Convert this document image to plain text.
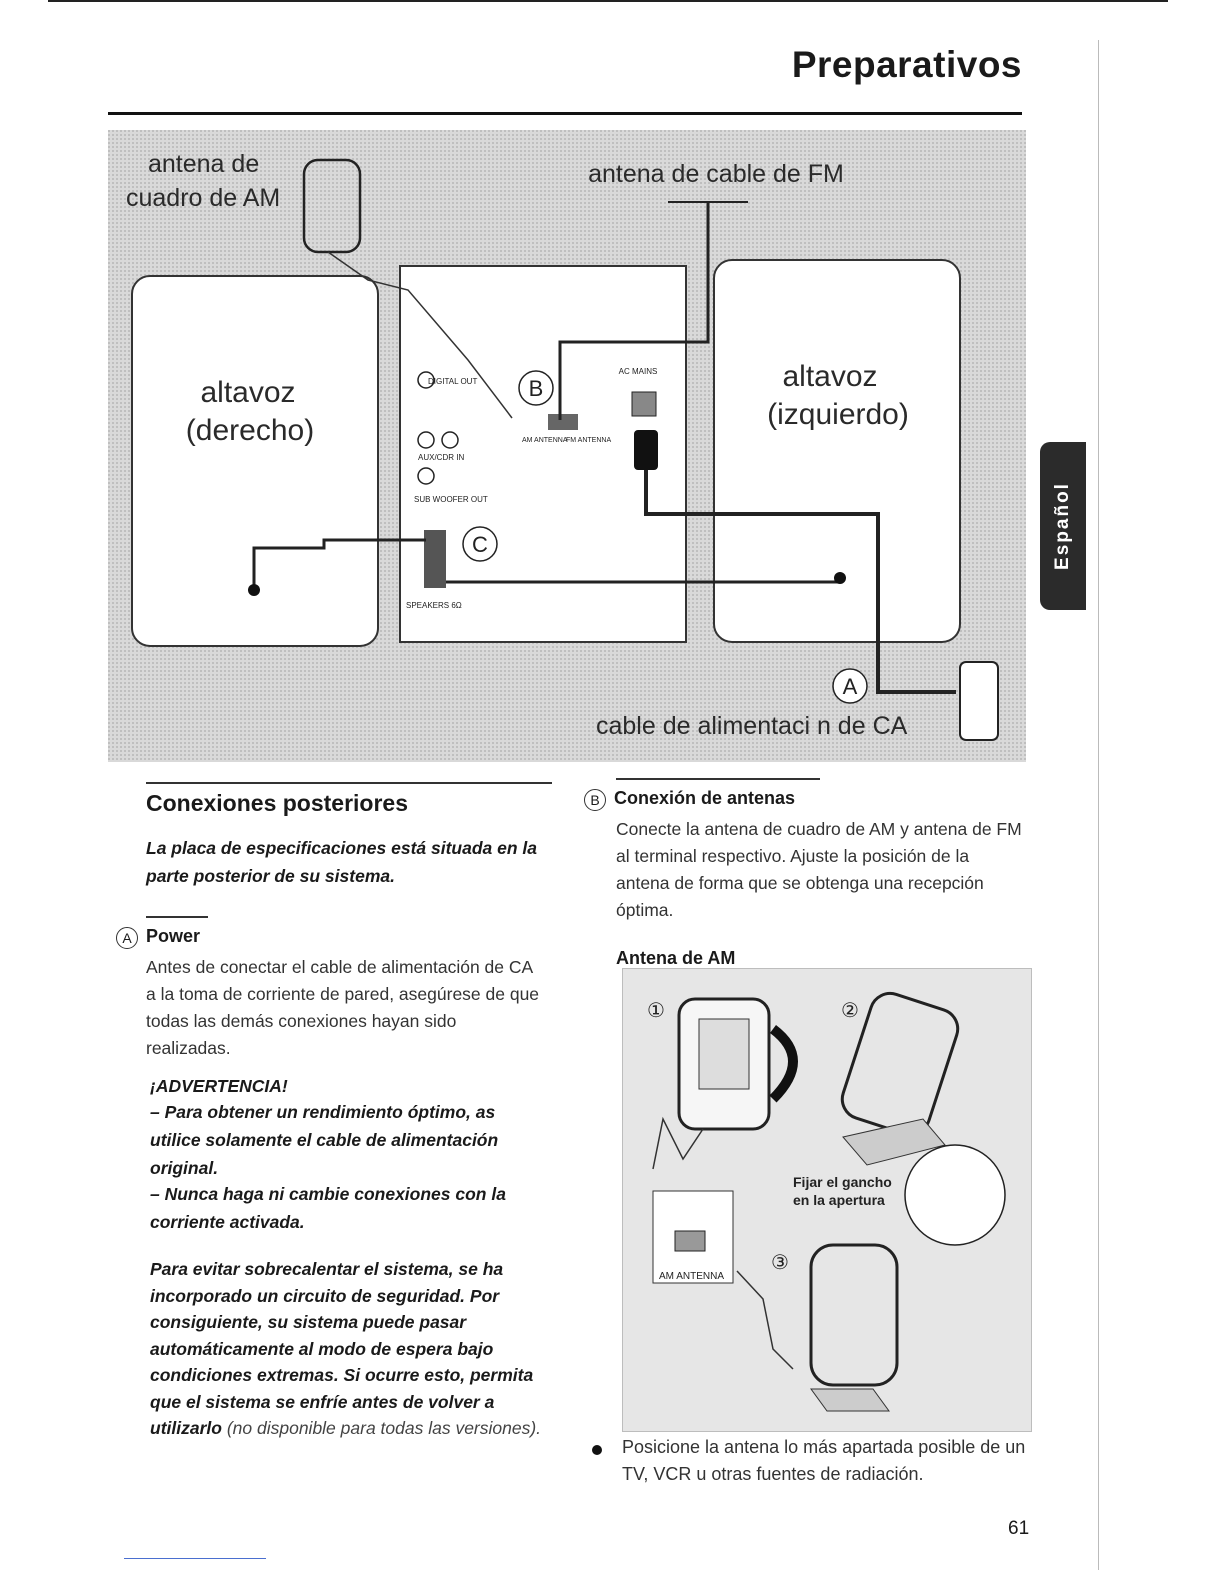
Preparativos
Español
altavoz
(derecho)
altavoz
(izquierdo)
DIGITAL OUT
AUX/CDR IN
SUB WOOFER OUT
SPEAKERS 6Ω
AC MAINS
AM ANTENNA
FM ANTENNA
antena de cable de FM
antena de
cuadro de AM
cable de alimentaci n de CA
B
C
A
Conexiones posteriores
La placa de especificaciones está situada en la parte posterior de su sistema.
A Power
Antes de conectar el cable de alimentación de CA a la toma de corriente de pared, asegúrese de que todas las demás conexiones hayan sido realizadas.
¡ADVERTENCIA!
– Para obtener un rendimiento óptimo, as utilice solamente el cable de alimentación original.
– Nunca haga ni cambie conexiones con la corriente activada.
Para evitar sobrecalentar el sistema, se ha incorporado un circuito de seguridad. Por consiguiente, su sistema puede pasar automáticamente al modo de espera bajo condiciones extremas. Si ocurre esto, permita que el sistema se enfríe antes de volver a utilizarlo (no disponible para todas las versiones).
B Conexión de antenas
Conecte la antena de cuadro de AM y antena de FM al terminal respectivo. Ajuste la posición de la antena de forma que se obtenga una recepción óptima.
Antena de AM
①	②
Fijar el gancho
en la apertura
AM ANTENNA
③
Posicione la antena lo más apartada posible de un TV, VCR u otras fuentes de radiación.
61
